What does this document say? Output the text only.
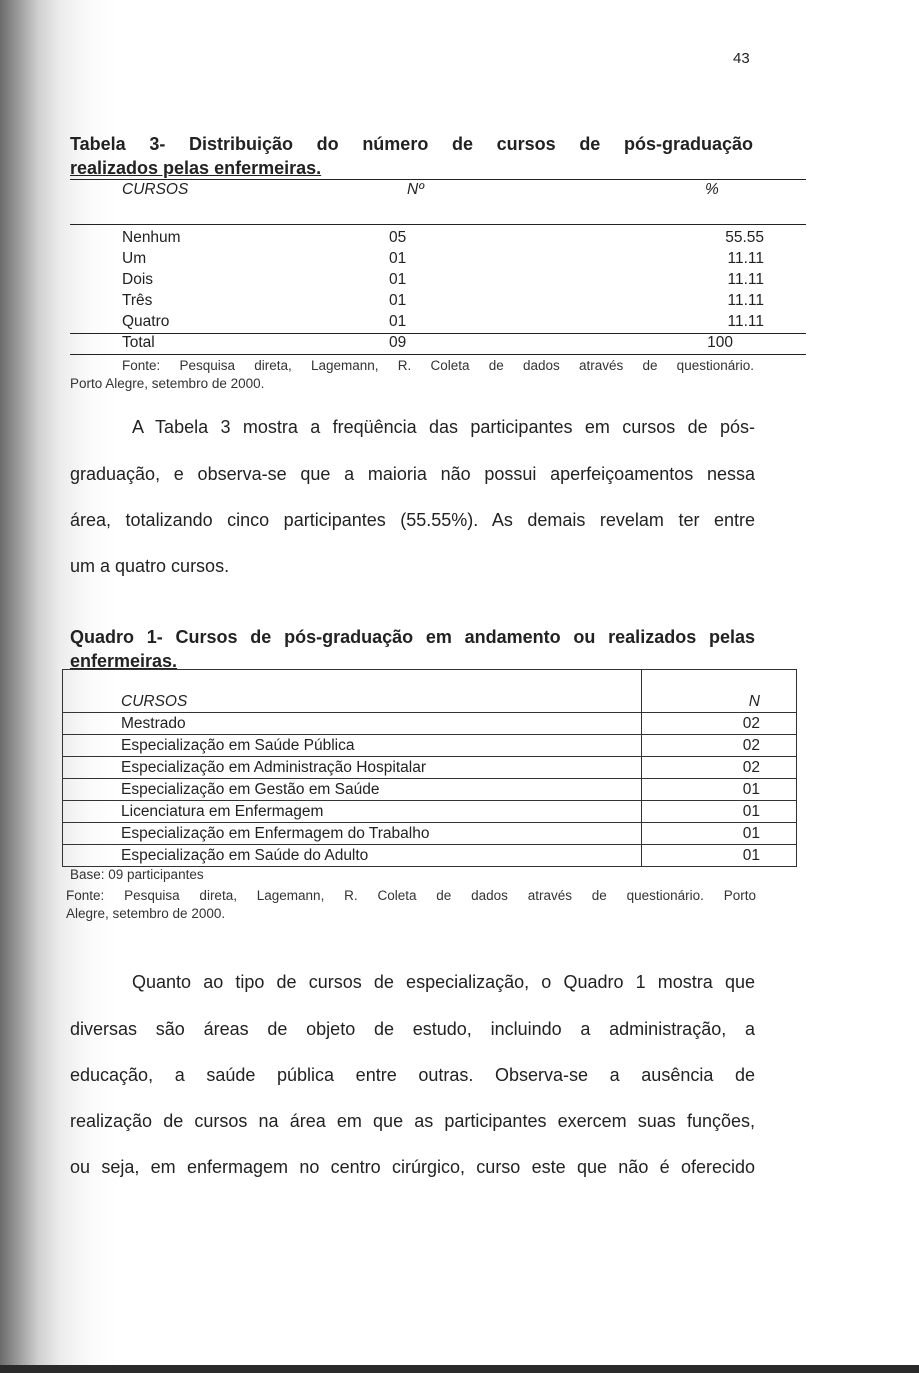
43
Tabela 3- Distribuição do número de cursos de pós-graduação
realizados pelas enfermeiras.
CURSOS	Nº	%
Nenhum	05	55.55
Um	01	11.11
Dois	01	11.11
Três	01	11.11
Quatro	01	11.11
Total	09	100
Fonte: Pesquisa direta, Lagemann, R. Coleta de dados através de questionário.
Porto Alegre, setembro de 2000.
A Tabela 3 mostra a freqüência das participantes em cursos de pós-
graduação, e observa-se que a maioria não possui aperfeiçoamentos nessa
área, totalizando cinco participantes (55.55%). As demais revelam ter entre
um a quatro cursos.
Quadro 1- Cursos de pós-graduação em andamento ou realizados pelas
enfermeiras.
CURSOS	N
Mestrado	02
Especialização em Saúde Pública	02
Especialização em Administração Hospitalar	02
Especialização em Gestão em Saúde	01
Licenciatura em Enfermagem	01
Especialização em Enfermagem do Trabalho	01
Especialização em Saúde do Adulto	01
Base: 09 participantes
Fonte: Pesquisa direta, Lagemann, R. Coleta de dados através de questionário. Porto
Alegre, setembro de 2000.
Quanto ao tipo de cursos de especialização, o Quadro 1 mostra que
diversas são áreas de objeto de estudo, incluindo a administração, a
educação, a saúde pública entre outras. Observa-se a ausência de
realização de cursos na área em que as participantes exercem suas funções,
ou seja, em enfermagem no centro cirúrgico, curso este que não é oferecido
